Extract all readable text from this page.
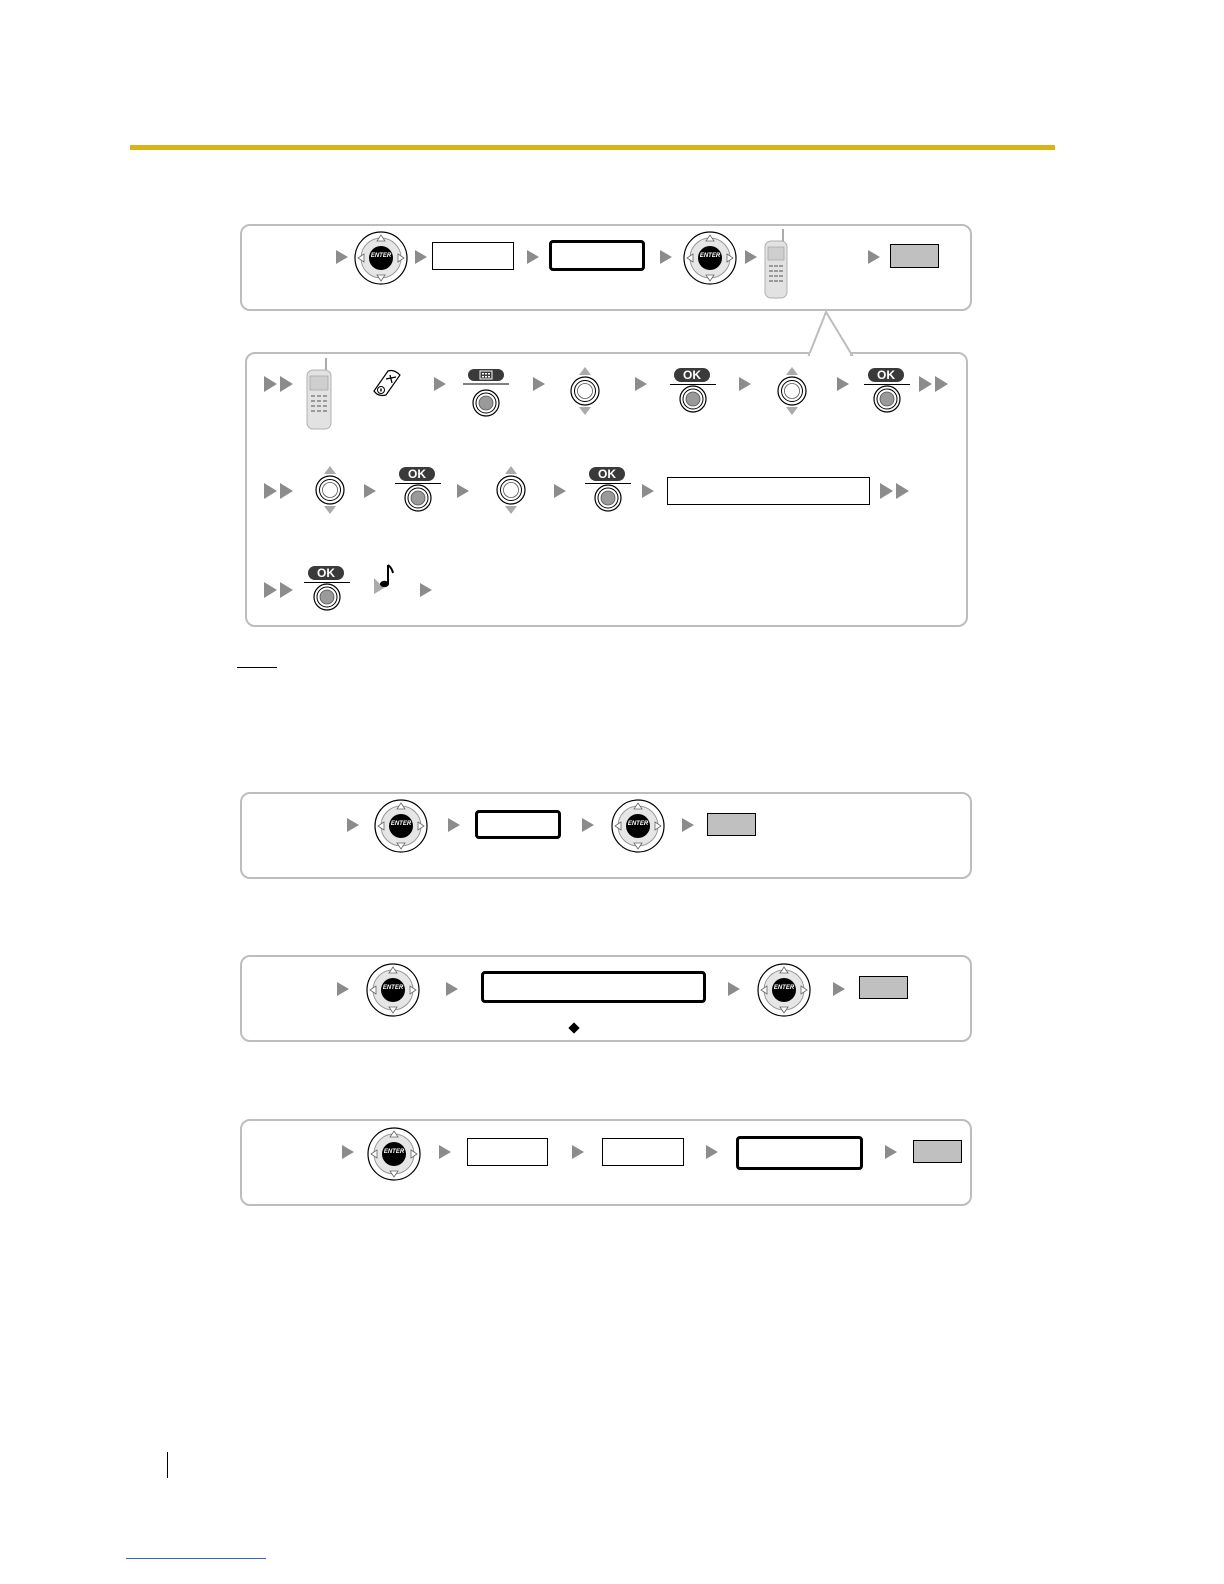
ENTER	ENTER
OK	OK
OK	OK
OK
ENTER	ENTER
ENTER	ENTER
ENTER
